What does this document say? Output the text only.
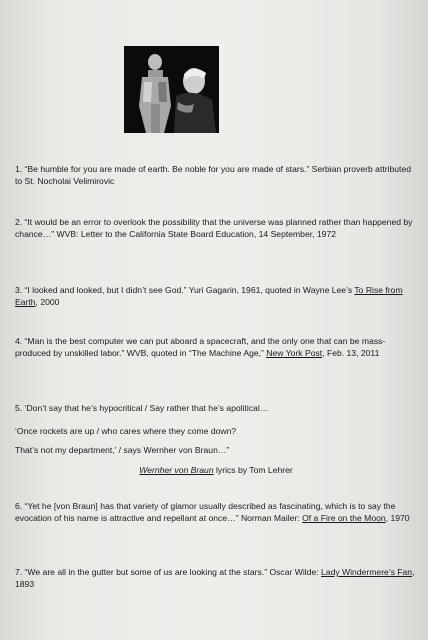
1. “Be humble for you are made of earth. Be noble for you are made of stars.” Serbian proverb attributed to St. Nocholai Velimirovic
2. “It would be an error to overlook the possibility that the universe was planned rather than happened by chance…” WVB: Letter to the California State Board Education, 14 September, 1972
3. “I looked and looked, but I didn’t see God.” Yuri Gagarin, 1961, quoted in Wayne Lee’s To Rise from Earth, 2000
4. “Man is the best computer we can put aboard a spacecraft, and the only one that can be mass-produced by unskilled labor.” WVB, quoted in “The Machine Age,” New York Post, Feb. 13, 2011
5. ‘Don’t say that he’s hypocritical / Say rather that he’s apolitical…
‘Once rockets are up / who cares where they come down?
That’s not my department,’ / says Wernher von Braun…”
Wernher von Braun lyrics by Tom Lehrer
6. “Yet he [von Braun] has that variety of glamor usually described as fascinating, which is to say the evocation of his name is attractive and repellant at once…” Norman Mailer: Of a Fire on the Moon, 1970
7. “We are all in the gutter but some of us are looking at the stars.” Oscar Wilde: Lady Windermere’s Fan, 1893
